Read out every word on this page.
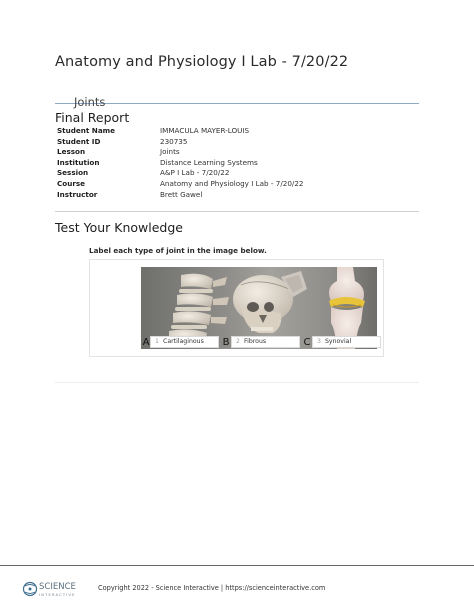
Anatomy and Physiology I Lab - 7/20/22
Joints
Final Report
Student Name	IMMACULA MAYER-LOUIS
Student ID	230735
Lesson	Joints
Institution	Distance Learning Systems
Session	A&P I Lab - 7/20/22
Course	Anatomy and Physiology I Lab - 7/20/22
Instructor	Brett Gawel
Test Your Knowledge
Label each type of joint in the image below.
A 1 Cartilaginous	B	2 Fibrous	C	3 Synovial
SCIENCE
INTERACTIVE
Copyright 2022 - Science Interactive | https://scienceinteractive.com
